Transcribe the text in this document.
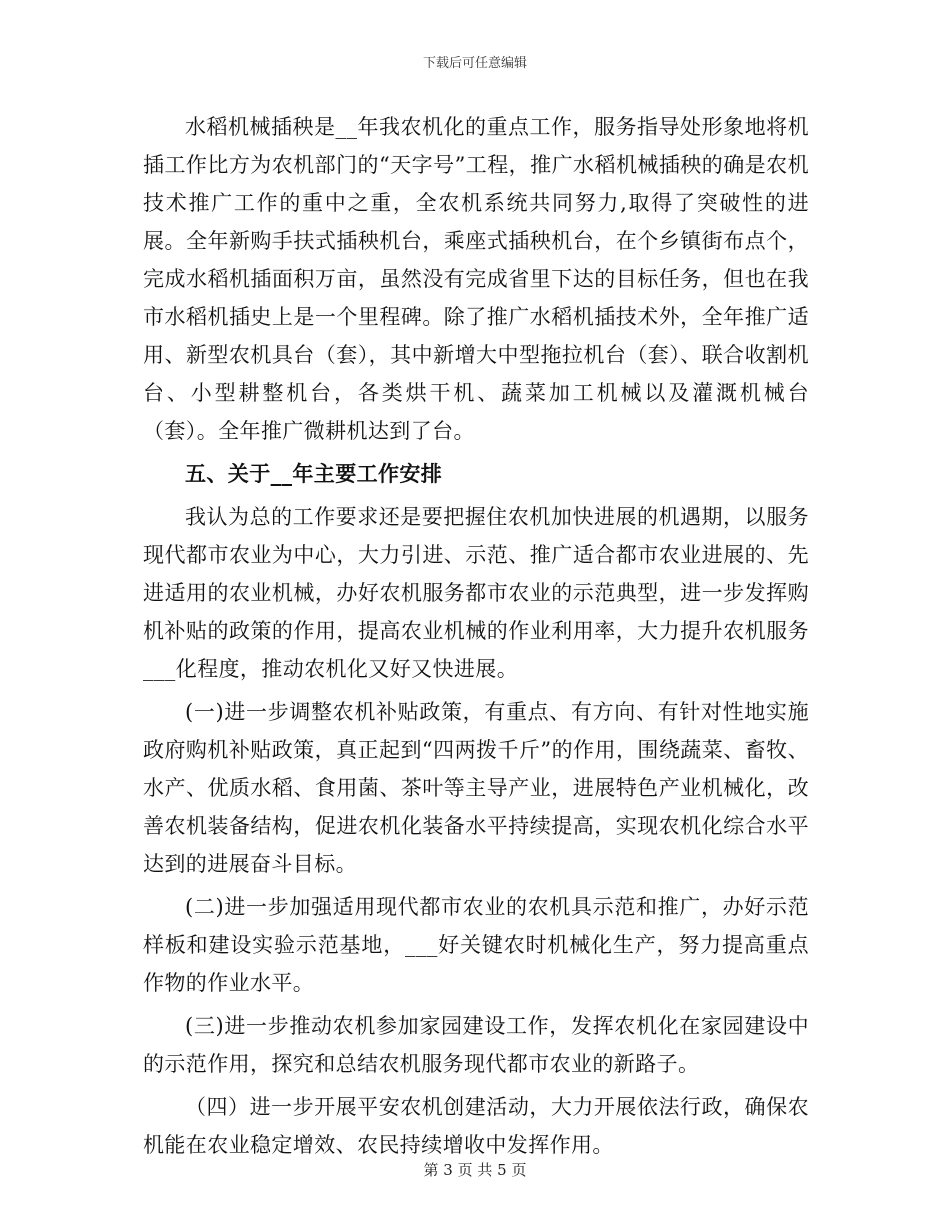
下载后可任意编辑

水稻机械插秧是__年我农机化的重点工作，服务指导处形象地将机插工作比方为农机部门的“天字号”工程，推广水稻机械插秧的确是农机技术推广工作的重中之重，全农机系统共同努力,取得了突破性的进展。全年新购手扶式插秧机台，乘座式插秧机台，在个乡镇街布点个，完成水稻机插面积万亩，虽然没有完成省里下达的目标任务，但也在我市水稻机插史上是一个里程碑。除了推广水稻机插技术外，全年推广适用、新型农机具台（套），其中新增大中型拖拉机台（套）、联合收割机台、小型耕整机台，各类烘干机、蔬菜加工机械以及灌溉机械台（套）。全年推广微耕机达到了台。

五、关于__年主要工作安排

我认为总的工作要求还是要把握住农机加快进展的机遇期，以服务现代都市农业为中心，大力引进、示范、推广适合都市农业进展的、先进适用的农业机械，办好农机服务都市农业的示范典型，进一步发挥购机补贴的政策的作用，提高农业机械的作业利用率，大力提升农机服务___化程度，推动农机化又好又快进展。

(一)进一步调整农机补贴政策，有重点、有方向、有针对性地实施政府购机补贴政策，真正起到“四两拨千斤”的作用，围绕蔬菜、畜牧、水产、优质水稻、食用菌、茶叶等主导产业，进展特色产业机械化，改善农机装备结构，促进农机化装备水平持续提高，实现农机化综合水平达到的进展奋斗目标。

(二)进一步加强适用现代都市农业的农机具示范和推广，办好示范样板和建设实验示范基地，___好关键农时机械化生产，努力提高重点作物的作业水平。

(三)进一步推动农机参加家园建设工作，发挥农机化在家园建设中的示范作用，探究和总结农机服务现代都市农业的新路子。

（四）进一步开展平安农机创建活动，大力开展依法行政，确保农机能在农业稳定增效、农民持续增收中发挥作用。

第 3 页 共 5 页
